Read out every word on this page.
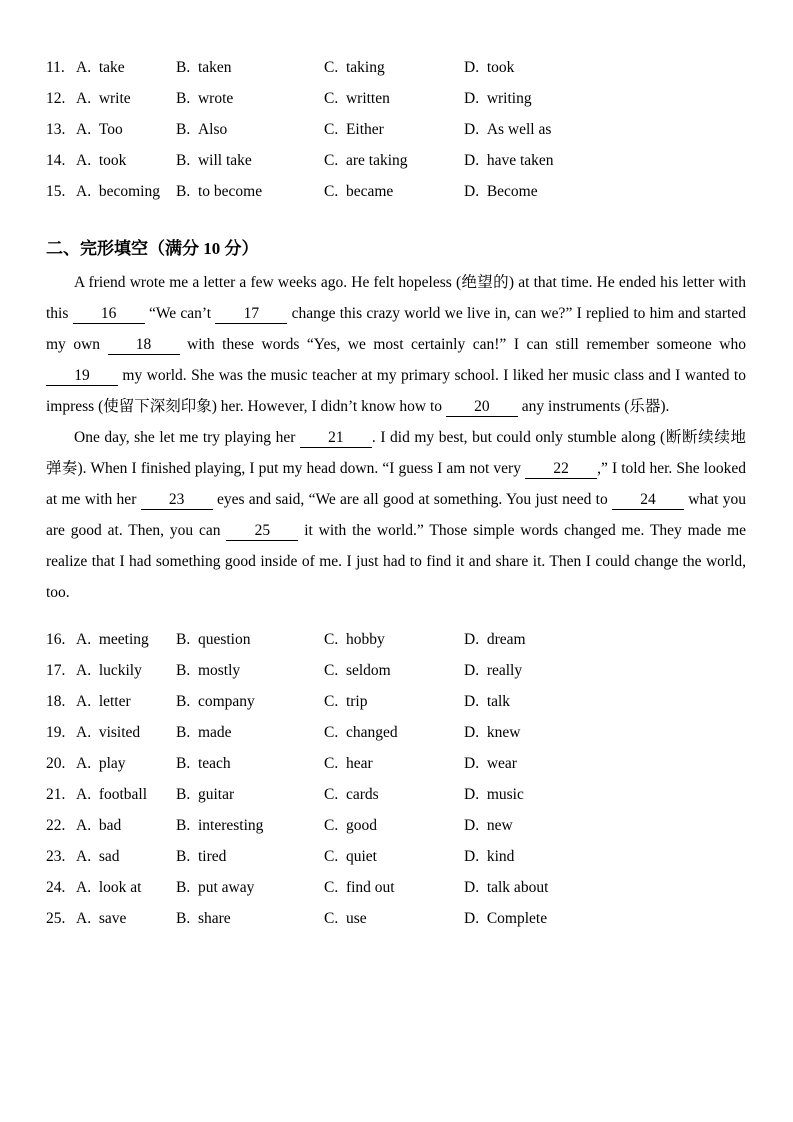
11. A.  take	B.  taken	C.  taking	D.  took
12. A.  write	B.  wrote	C.  written	D.  writing
13. A.  Too	B.  Also	C.  Either	D.  As well as
14. A.  took	B.  will take	C.  are taking	D.  have taken
15. A.  becoming	B.  to become	C.  became	D.  Become
二、完形填空（满分 10 分）

A friend wrote me a letter a few weeks ago. He felt hopeless (绝望的) at that time. He ended his letter with this 16 “We can’t 17 change this crazy world we live in, can we?” I replied to him and started my own 18 with these words “Yes, we most certainly can!” I can still remember someone who 19 my world. She was the music teacher at my primary school. I liked her music class and I wanted to impress (使留下深刻印象) her. However, I didn’t know how to 20 any instruments (乐器).

One day, she let me try playing her 21 . I did my best, but could only stumble along (断断续续地弹奏). When I finished playing, I put my head down. “I guess I am not very 22 ,” I told her. She looked at me with her 23 eyes and said, “We are all good at something. You just need to 24 what you are good at. Then, you can 25 it with the world.” Those simple words changed me. They made me realize that I had something good inside of me. I just had to find it and share it. Then I could change the world, too.

16. A.  meeting	B.  question	C.  hobby	D.  dream
17. A.  luckily	B.  mostly	C.  seldom	D.  really
18. A.  letter	B.  company	C.  trip	D.  talk
19. A.  visited	B.  made	C.  changed	D.  knew
20. A.  play	B.  teach	C.  hear	D.  wear
21. A.  football	B.  guitar	C.  cards	D.  music
22. A.  bad	B.  interesting	C.  good	D.  new
23. A.  sad	B.  tired	C.  quiet	D.  kind
24. A.  look at	B.  put away	C.  find out	D.  talk about
25. A.  save	B.  share	C.  use	D.  Complete
